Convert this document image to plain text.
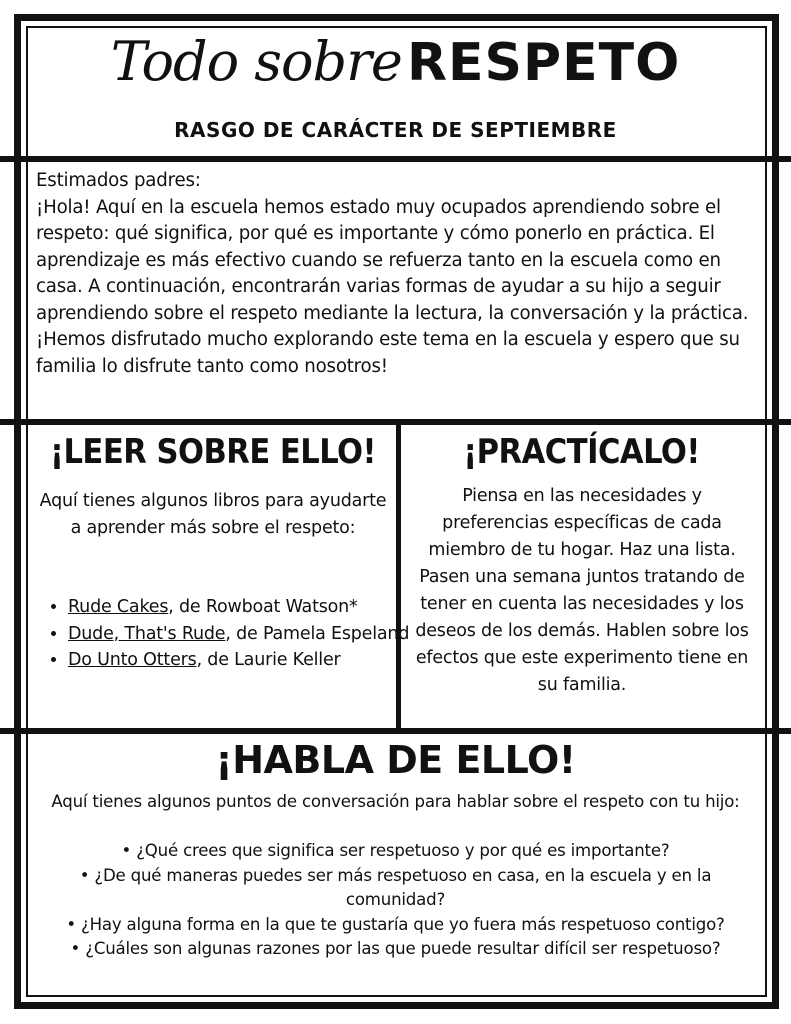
Todo sobre RESPETO
RASGO DE CARÁCTER DE SEPTIEMBRE

Estimados padres:

¡Hola! Aquí en la escuela hemos estado muy ocupados aprendiendo sobre el respeto: qué significa, por qué es importante y cómo ponerlo en práctica. El aprendizaje es más efectivo cuando se refuerza tanto en la escuela como en casa. A continuación, encontrarán varias formas de ayudar a su hijo a seguir aprendiendo sobre el respeto mediante la lectura, la conversación y la práctica. ¡Hemos disfrutado mucho explorando este tema en la escuela y espero que su familia lo disfrute tanto como nosotros!

¡LEER SOBRE ELLO!
Aquí tienes algunos libros para ayudarte a aprender más sobre el respeto:
• Rude Cakes, de Rowboat Watson*
• Dude, That's Rude, de Pamela Espeland
• Do Unto Otters, de Laurie Keller
¡PRACTÍCALO!
Piensa en las necesidades y preferencias específicas de cada miembro de tu hogar. Haz una lista. Pasen una semana juntos tratando de tener en cuenta las necesidades y los deseos de los demás. Hablen sobre los efectos que este experimento tiene en su familia.
¡HABLA DE ELLO!
Aquí tienes algunos puntos de conversación para hablar sobre el respeto con tu hijo:
• ¿Qué crees que significa ser respetuoso y por qué es importante?
• ¿De qué maneras puedes ser más respetuoso en casa, en la escuela y en la comunidad?
• ¿Hay alguna forma en la que te gustaría que yo fuera más respetuoso contigo?
• ¿Cuáles son algunas razones por las que puede resultar difícil ser respetuoso?
